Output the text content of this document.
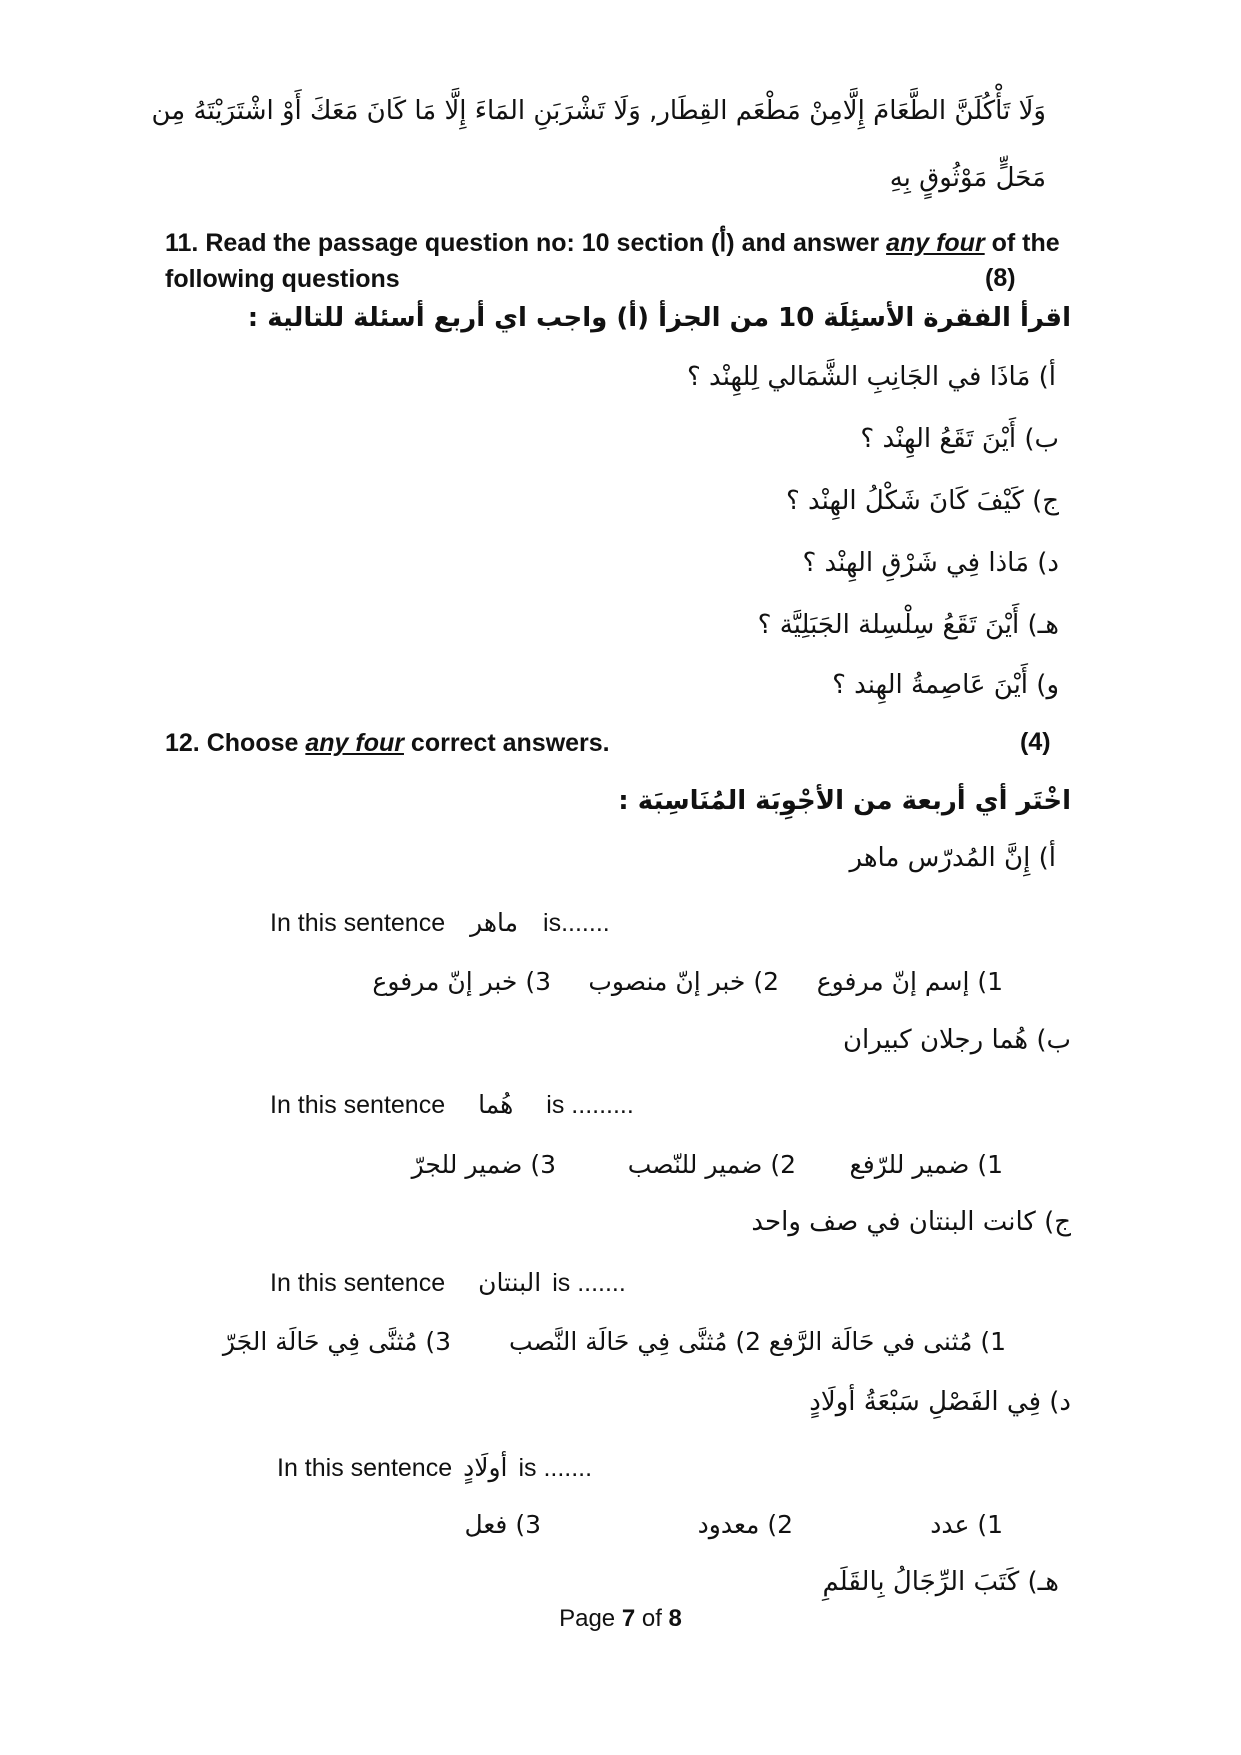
وَلَا تَأْكُلَنَّ الطَّعَامَ إِلَّامِنْ مَطْعَم القِطَار, وَلَا تَشْرَبَنِ المَاءَ إِلَّا مَا كَانَ مَعَكَ أَوْ اشْتَرَيْتَهُ مِن
مَحَلٍّ مَوْثُوقٍ بِهِ
11. Read the passage question no: 10 section (أ) and answer any four of the
following questions	(8)
اقرأ الفقرة الأسئِلَة 10 من الجزأ (أ) واجب اي أربع أسئلة للتالية :
أ) مَاذَا في الجَانِبِ الشَّمَالي لِلهِنْد ؟
ب) أَيْنَ تَقَعُ الهِنْد ؟
ج) كَيْفَ كَانَ شَكْلُ الهِنْد ؟
د) مَاذا فِي شَرْقِ الهِنْد ؟
هـ) أَيْنَ تَقَعُ سِلْسِلة الجَبَلِيَّة ؟
و) أَيْنَ عَاصِمةُ الهِند ؟
12. Choose any four correct answers.	(4)
اخْتَر أي أربعة من الأجْوِبَة المُنَاسِبَة :
أ) إِنَّ المُدرّس ماهر
In this sentence ماهر is.......
1) إسم إنّ مرفوع
2) خبر إنّ منصوب
3) خبر إنّ مرفوع
ب) هُما رجلان كبيران
In this sentence هُما is .........
1) ضمير للرّفع
2) ضمير للنّصب
3) ضمير للجرّ
ج) كانت البنتان في صف واحد
In this sentence البنتان is .......
1) مُثنى في حَالَة الرَّفع
2) مُثنَّى فِي حَالَة النَّصب
3) مُثنَّى فِي حَالَة الجَرّ
د) فِي الفَصْلِ سَبْعَةُ أولَادٍ
In this sentence أولَادٍ is .......
1) عدد
2) معدود
3) فعل
هـ) كَتَبَ الرِّجَالُ بِالقَلَمِ
Page 7 of 8
